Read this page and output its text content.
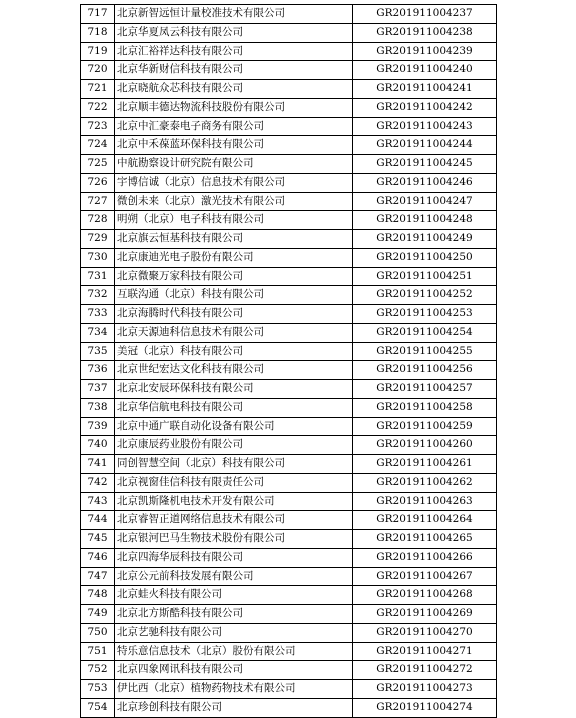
717	北京新智远恒计量校准技术有限公司	GR201911004237
718	北京华夏凤云科技有限公司	GR201911004238
719	北京汇裕祥达科技有限公司	GR201911004239
720	北京华新财信科技有限公司	GR201911004240
721	北京晓航众芯科技有限公司	GR201911004241
722	北京顺丰德达物流科技股份有限公司	GR201911004242
723	北京中汇豪泰电子商务有限公司	GR201911004243
724	北京中禾葆蓝环保科技有限公司	GR201911004244
725	中航勘察设计研究院有限公司	GR201911004245
726	宇博信诚（北京）信息技术有限公司	GR201911004246
727	微创未来（北京）激光技术有限公司	GR201911004247
728	明朔（北京）电子科技有限公司	GR201911004248
729	北京旗云恒基科技有限公司	GR201911004249
730	北京康迪光电子股份有限公司	GR201911004250
731	北京微聚万家科技有限公司	GR201911004251
732	互联沟通（北京）科技有限公司	GR201911004252
733	北京海腾时代科技有限公司	GR201911004253
734	北京天源迪科信息技术有限公司	GR201911004254
735	美冠（北京）科技有限公司	GR201911004255
736	北京世纪宏达文化科技有限公司	GR201911004256
737	北京北安辰环保科技有限公司	GR201911004257
738	北京华信航电科技有限公司	GR201911004258
739	北京中通广联自动化设备有限公司	GR201911004259
740	北京康辰药业股份有限公司	GR201911004260
741	同创智慧空间（北京）科技有限公司	GR201911004261
742	北京视窗佳信科技有限责任公司	GR201911004262
743	北京凯斯隆机电技术开发有限公司	GR201911004263
744	北京睿智正道网络信息技术有限公司	GR201911004264
745	北京银河巴马生物技术股份有限公司	GR201911004265
746	北京四海华辰科技有限公司	GR201911004266
747	北京公元前科技发展有限公司	GR201911004267
748	北京蛙火科技有限公司	GR201911004268
749	北京北方斯酷科技有限公司	GR201911004269
750	北京艺驰科技有限公司	GR201911004270
751	特乐意信息技术（北京）股份有限公司	GR201911004271
752	北京四象网讯科技有限公司	GR201911004272
753	伊比西（北京）植物药物技术有限公司	GR201911004273
754	北京珍创科技有限公司	GR201911004274
